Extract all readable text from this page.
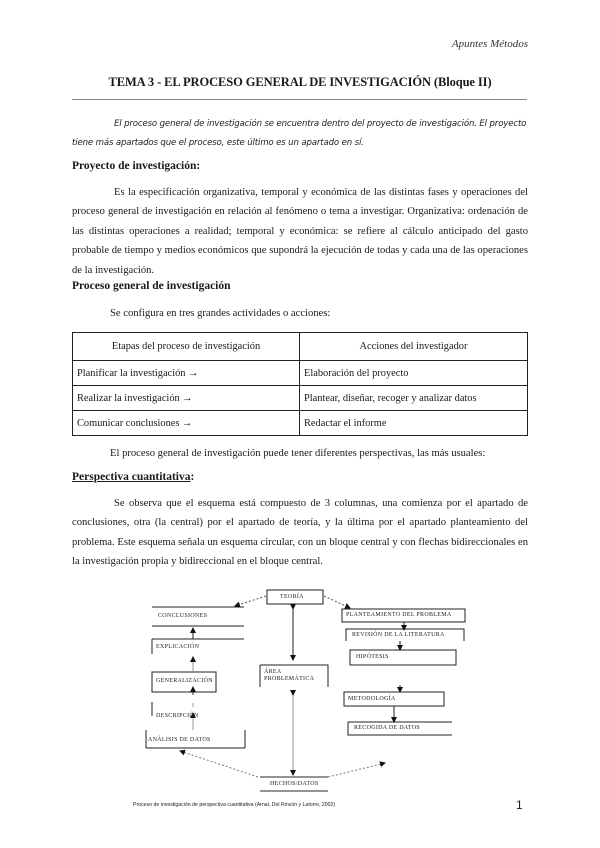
Apuntes Métodos
TEMA 3 - EL PROCESO GENERAL DE INVESTIGACIÓN (Bloque II)
El proceso general de investigación se encuentra dentro del proyecto de investigación. El proyecto tiene más apartados que el proceso, este último es un apartado en sí.
Proyecto de investigación:
Es la especificación organizativa, temporal y económica de las distintas fases y operaciones del proceso general de investigación en relación al fenómeno o tema a investigar. Organizativa: ordenación de las distintas operaciones a realidad; temporal y económica: se refiere al cálculo anticipado del gasto probable de tiempo y medios económicos que supondrá la ejecución de todas y cada una de las operaciones de la investigación.
Proceso general de investigación
Se configura en tres grandes actividades o acciones:
Etapas del proceso de investigación	Acciones del investigador
Planificar la investigación →	Elaboración del proyecto
Realizar la investigación →	Plantear, diseñar, recoger y analizar datos
Comunicar conclusiones →	Redactar el informe
El proceso general de investigación puede tener diferentes perspectivas, las más usuales:
Perspectiva cuantitativa:
Se observa que el esquema está compuesto de 3 columnas, una comienza por el apartado de conclusiones, otra (la central) por el apartado de teoría, y la última por el apartado planteamiento del problema. Este esquema señala un esquema circular, con un bloque central y con flechas bidireccionales en la investigación propia y bidireccional en el bloque central.
TEORÍA
CONCLUSIONES
EXPLICACIÓN
GENERALIZACIÓN
DESCRIPCIÓN
ANÁLISIS DE DATOS
ÁREA
PROBLEMÁTICA
HECHOS/DATOS
PLANTEAMIENTO DEL PROBLEMA
REVISIÓN DE LA LITERATURA
HIPÓTESIS
METODOLOGÍA
RECOGIDA DE DATOS
Proceso de investigación de perspectiva cuantitativa (Arnal, Del Rincón y Latorre, 2002)	1
